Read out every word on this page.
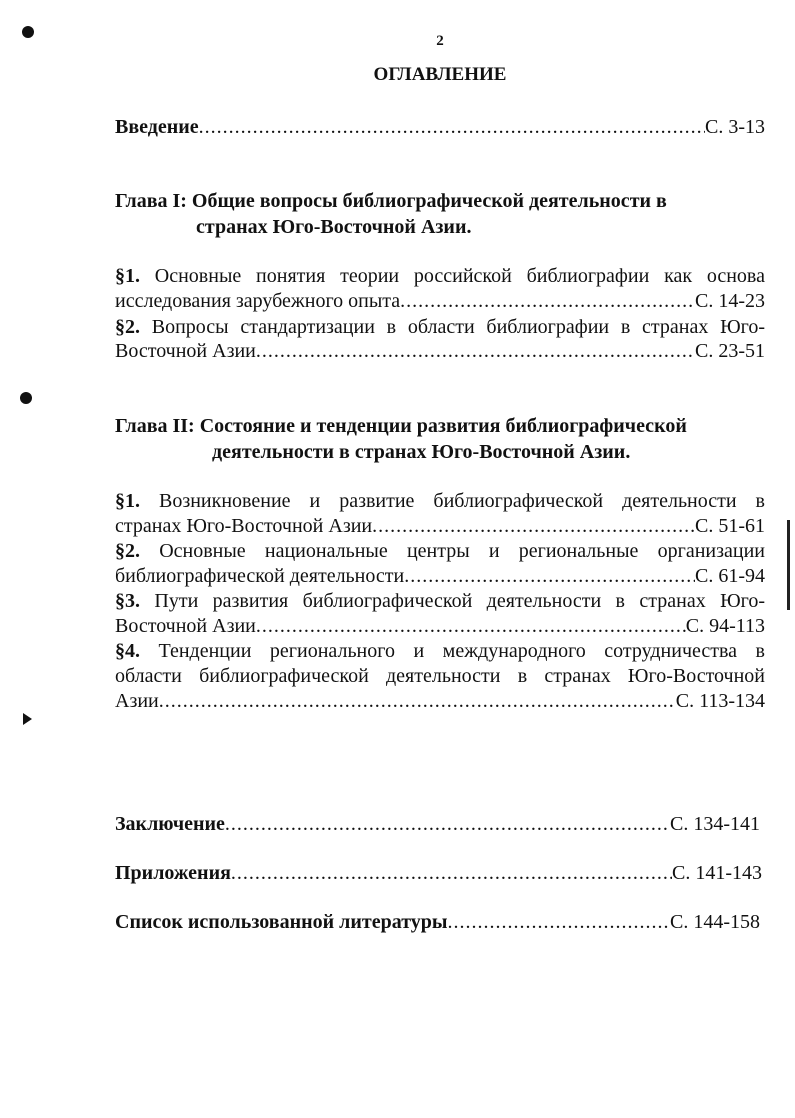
2
ОГЛАВЛЕНИЕ
Введение .....	С. 3-13
Глава I: Общие вопросы библиографической деятельности в
странах Юго-Восточной Азии.
§1. Основные понятия теории российской библиографии как основа
исследования зарубежного опыта .....	С. 14-23
§2. Вопросы стандартизации в области библиографии в странах Юго-
Восточной Азии .....	С. 23-51
Глава II: Состояние и тенденции развития библиографической
деятельности в странах Юго-Восточной Азии.
§1. Возникновение и развитие библиографической деятельности в
странах Юго-Восточной Азии .....	С. 51-61
§2. Основные национальные центры и региональные организации
библиографической деятельности .....	С. 61-94
§3. Пути развития библиографической деятельности в странах Юго-
Восточной Азии .....	С. 94-113
§4. Тенденции регионального и международного сотрудничества в
области библиографической деятельности в странах Юго-Восточной
Азии .....	С. 113-134
Заключение .....	С. 134-141
Приложения .....	С. 141-143
Список использованной литературы .....	С. 144-158
